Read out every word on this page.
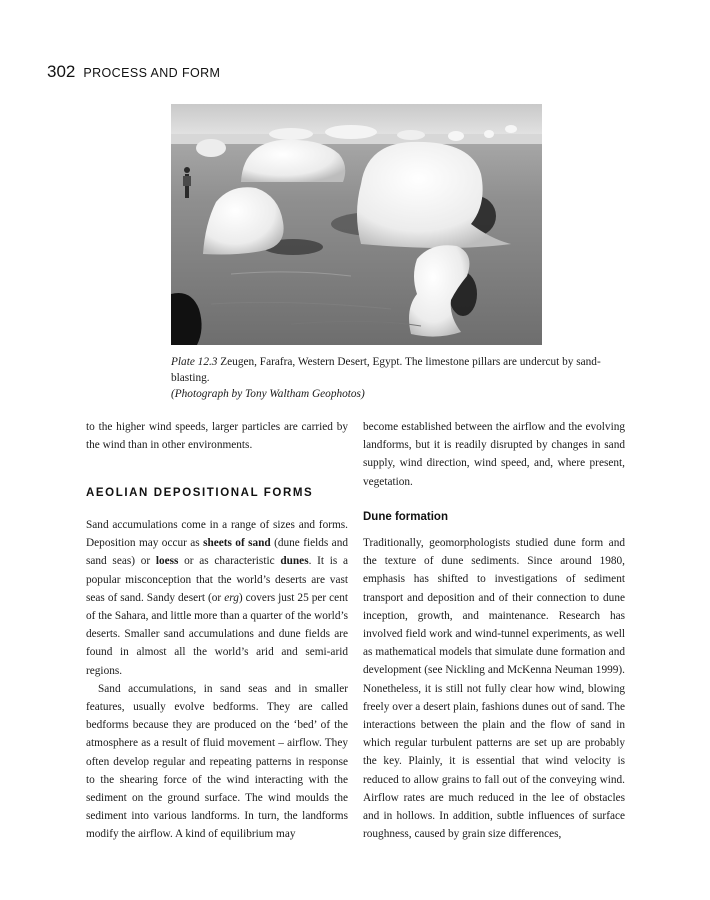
302 PROCESS AND FORM
Plate 12.3 Zeugen, Farafra, Western Desert, Egypt. The limestone pillars are undercut by sand-blasting.
(Photograph by Tony Waltham Geophotos)

to the higher wind speeds, larger particles are carried by the wind than in other environments.

AEOLIAN DEPOSITIONAL FORMS

Sand accumulations come in a range of sizes and forms. Deposition may occur as sheets of sand (dune fields and sand seas) or loess or as characteristic dunes. It is a popular misconception that the world’s deserts are vast seas of sand. Sandy desert (or erg) covers just 25 per cent of the Sahara, and little more than a quarter of the world’s deserts. Smaller sand accumulations and dune fields are found in almost all the world’s arid and semi-arid regions.

Sand accumulations, in sand seas and in smaller features, usually evolve bedforms. They are called bedforms because they are produced on the ‘bed’ of the atmosphere as a result of fluid movement – airflow. They often develop regular and repeating patterns in response to the shearing force of the wind interacting with the sediment on the ground surface. The wind moulds the sediment into various landforms. In turn, the landforms modify the airflow. A kind of equilibrium may

become established between the airflow and the evolving landforms, but it is readily disrupted by changes in sand supply, wind direction, wind speed, and, where present, vegetation.

Dune formation

Traditionally, geomorphologists studied dune form and the texture of dune sediments. Since around 1980, emphasis has shifted to investigations of sediment transport and deposition and of their connection to dune inception, growth, and maintenance. Research has involved field work and wind-tunnel experiments, as well as mathematical models that simulate dune formation and development (see Nickling and McKenna Neuman 1999). Nonetheless, it is still not fully clear how wind, blowing freely over a desert plain, fashions dunes out of sand. The interactions between the plain and the flow of sand in which regular turbulent patterns are set up are probably the key. Plainly, it is essential that wind velocity is reduced to allow grains to fall out of the conveying wind. Airflow rates are much reduced in the lee of obstacles and in hollows. In addition, subtle influences of surface roughness, caused by grain size differences,
